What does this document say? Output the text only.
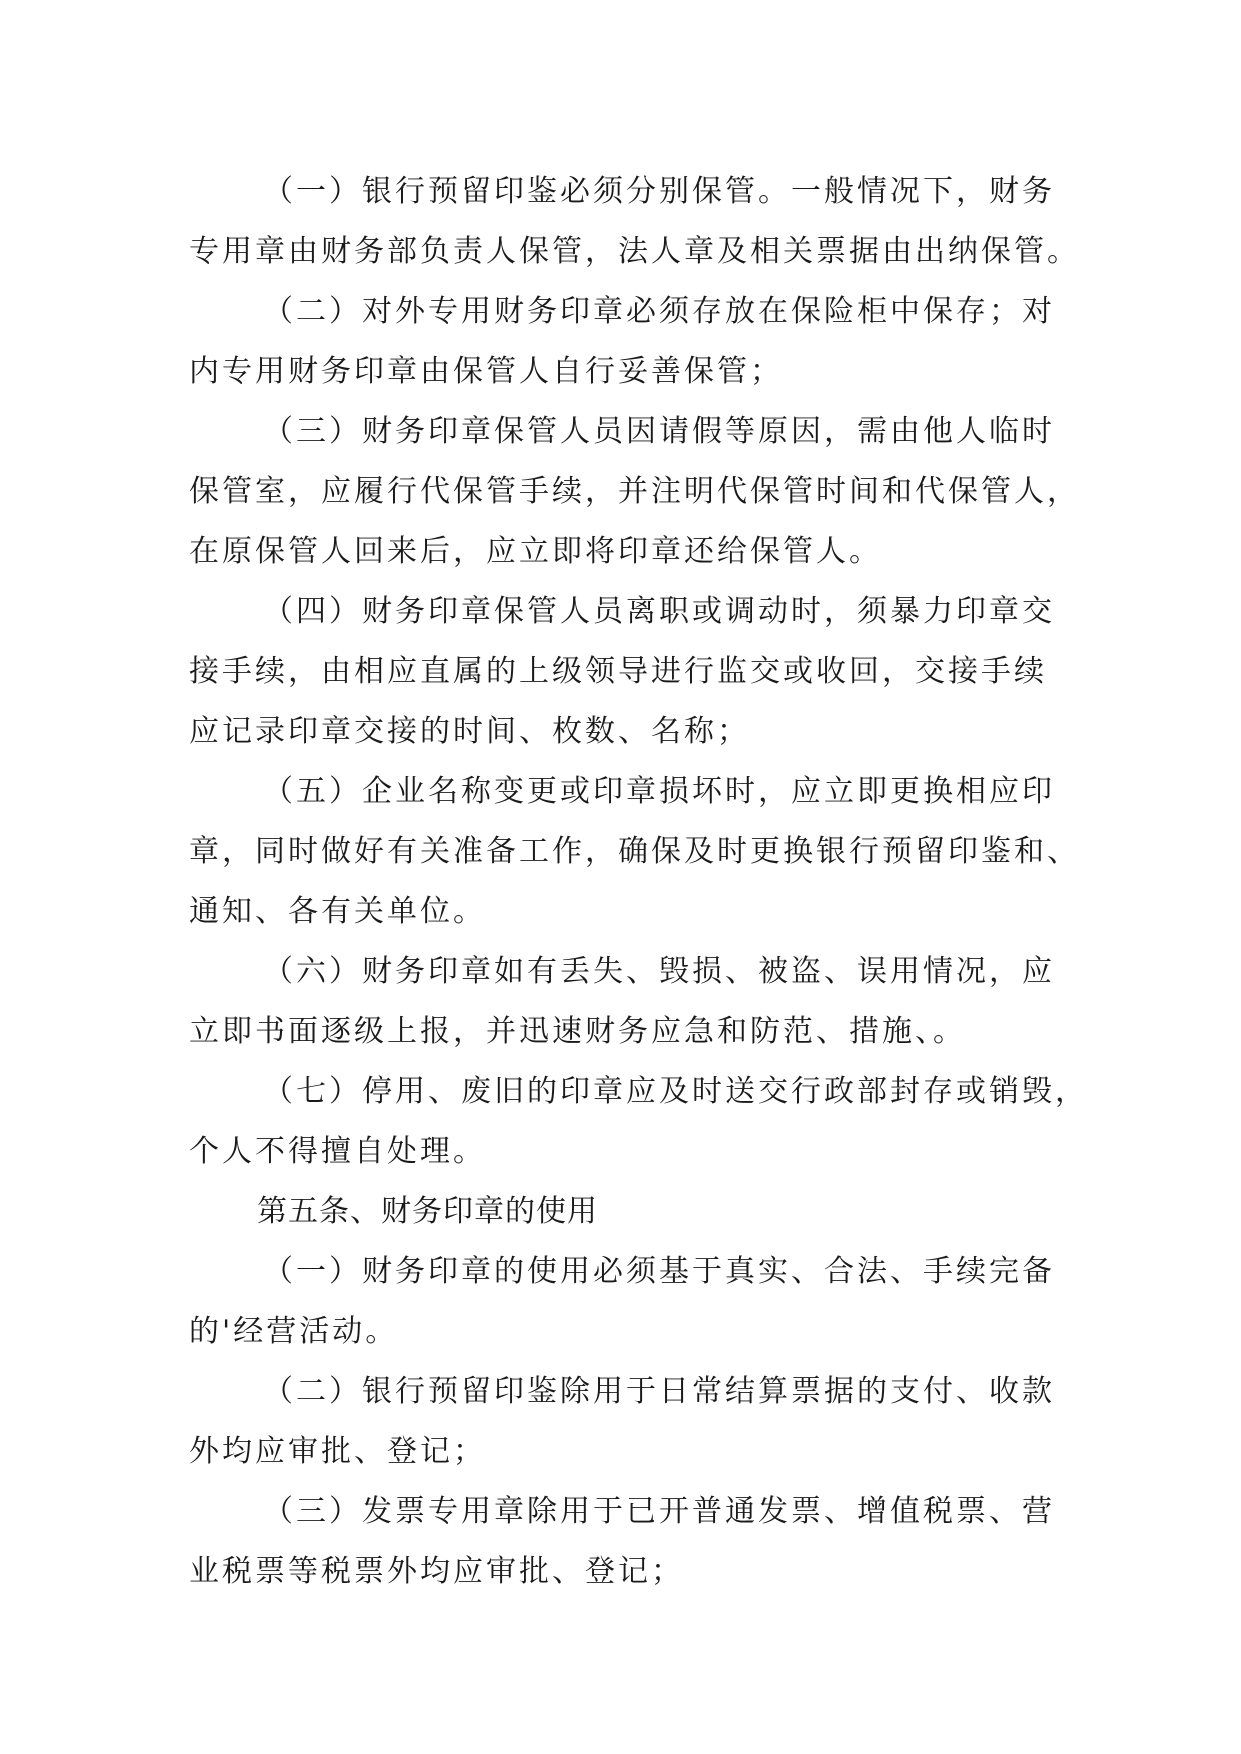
（一）银行预留印鉴必须分别保管。一般情况下，财务
专用章由财务部负责人保管，法人章及相关票据由出纳保管。
（二）对外专用财务印章必须存放在保险柜中保存；对
内专用财务印章由保管人自行妥善保管；
（三）财务印章保管人员因请假等原因，需由他人临时
保管室，应履行代保管手续，并注明代保管时间和代保管人，
在原保管人回来后，应立即将印章还给保管人。
（四）财务印章保管人员离职或调动时，须暴力印章交
接手续，由相应直属的上级领导进行监交或收回，交接手续
应记录印章交接的时间、枚数、名称；
（五）企业名称变更或印章损坏时，应立即更换相应印
章，同时做好有关准备工作，确保及时更换银行预留印鉴和、
通知、各有关单位。
（六）财务印章如有丢失、毁损、被盗、误用情况，应
立即书面逐级上报，并迅速财务应急和防范、措施、。
（七）停用、废旧的印章应及时送交行政部封存或销毁，
个人不得擅自处理。
第五条、财务印章的使用
（一）财务印章的使用必须基于真实、合法、手续完备
的'经营活动。
（二）银行预留印鉴除用于日常结算票据的支付、收款
外均应审批、登记；
（三）发票专用章除用于已开普通发票、增值税票、营
业税票等税票外均应审批、登记；
